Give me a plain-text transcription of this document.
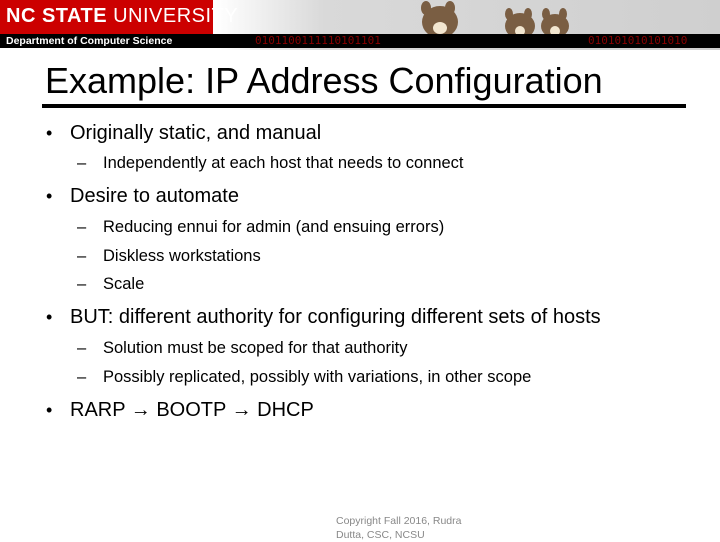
NC STATE UNIVERSITY
Department of Computer Science	0101100111110101101	010101010101010
Example: IP Address Configuration
• Originally static, and manual
– Independently at each host that needs to connect
• Desire to automate
– Reducing ennui for admin (and ensuing errors)
– Diskless workstations
– Scale
• BUT: different authority for configuring different sets of hosts
– Solution must be scoped for that authority
– Possibly replicated, possibly with variations, in other scope
• RARP → BOOTP → DHCP
Copyright Fall 2016, Rudra Dutta, CSC, NCSU
